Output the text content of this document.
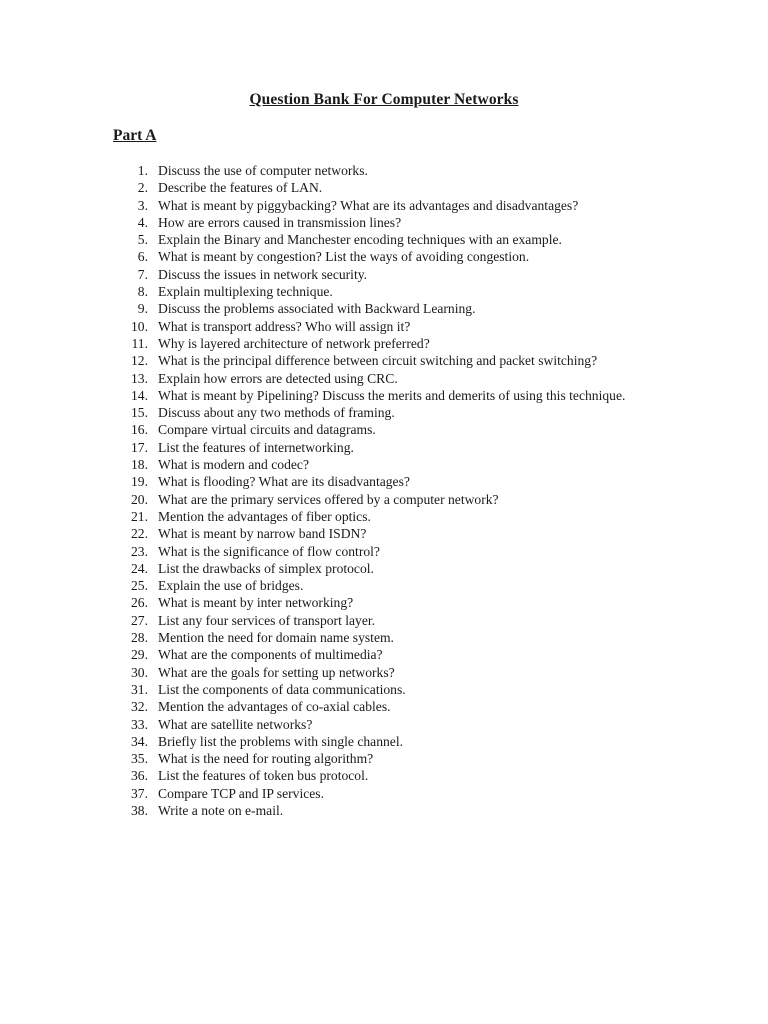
Question Bank For Computer Networks
Part A
1. Discuss the use of computer networks.
2. Describe the features of LAN.
3. What is meant by piggybacking? What are its advantages and disadvantages?
4. How are errors caused in transmission lines?
5. Explain the Binary and Manchester encoding techniques with an example.
6. What is meant by congestion? List the ways of avoiding congestion.
7. Discuss the issues in network security.
8. Explain multiplexing technique.
9. Discuss the problems associated with Backward Learning.
10. What is transport address? Who will assign it?
11. Why is layered architecture of network preferred?
12. What is the principal difference between circuit switching and packet switching?
13. Explain how errors are detected using CRC.
14. What is meant by Pipelining? Discuss the merits and demerits of using this technique.
15. Discuss about any two methods of framing.
16. Compare virtual circuits and datagrams.
17. List the features of internetworking.
18. What is modern and codec?
19. What is flooding? What are its disadvantages?
20. What are the primary services offered by a computer network?
21. Mention the advantages of fiber optics.
22. What is meant by narrow band ISDN?
23. What is the significance of flow control?
24. List the drawbacks of simplex protocol.
25. Explain the use of bridges.
26. What is meant by inter networking?
27. List any four services of transport layer.
28. Mention the need for domain name system.
29. What are the components of multimedia?
30. What are the goals for setting up networks?
31. List the components of data communications.
32. Mention the advantages of co-axial cables.
33. What are satellite networks?
34. Briefly list the problems with single channel.
35. What is the need for routing algorithm?
36. List the features of token bus protocol.
37. Compare TCP and IP services.
38. Write a note on e-mail.
